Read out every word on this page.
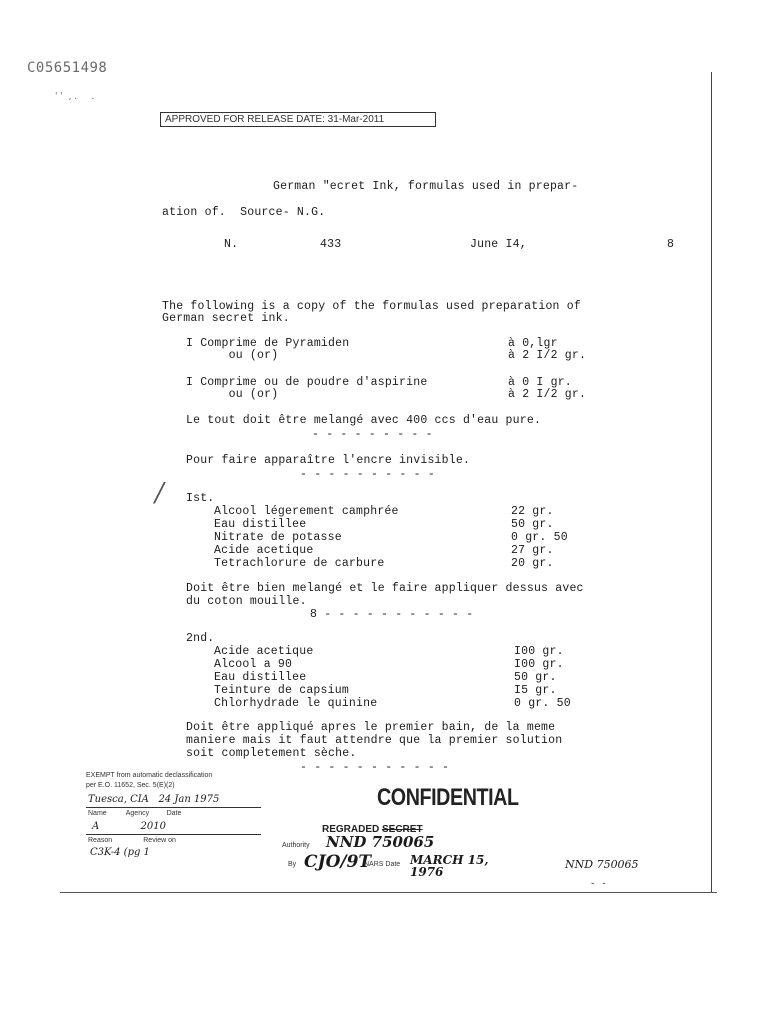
C05651498
' '  , .     .
APPROVED FOR RELEASE DATE: 31-Mar-2011
German "ecret Ink, formulas used in prepar-
ation of.  Source- N.G.
N.	433	June I4,	8
The following is a copy of the formulas used preparation of
German secret ink.
I Comprime de Pyramiden	à 0,lgr
ou (or)	à 2 I/2 gr.
I Comprime ou de poudre d'aspirine	à 0 I gr.
ou (or)	à 2 I/2 gr.
Le tout doit être melangé avec 400 ccs d'eau pure.
- - - - - - - - -
Pour faire apparaître l'encre invisible.
- - - - - - - - - -
Ist.
/
Alcool légerement camphrée	22 gr.
Eau distillee	50 gr.
Nitrate de potasse	0 gr. 50
Acide acetique	27 gr.
Tetrachlorure de carbure	20 gr.
Doit être bien melangé et le faire appliquer dessus avec
du coton mouille.
8 - - - - - - - - - - -
2nd.
Acide acetique	I00 gr.
Alcool a 90	I00 gr.
Eau distillee	50 gr.
Teinture de capsium	I5 gr.
Chlorhydrade le quinine	0 gr. 50
Doit être appliqué apres le premier bain, de la meme
maniere mais it faut attendre que la premier solution
soit completement sèche.
- - - - - - - - - - -
EXEMPT from automatic declassification
per E.O. 11652, Sec. 5(E)(2)
Tuesca, CIA   24 Jan 1975
Name          Agency         Date
A             2010
Reason                Review on
C3K-4 (pg 1
CONFIDENTIAL
REGRADED SECRET
Authority NND 750065
By CJO/9T
NARS Date MARCH 15, 1976
NND 750065
- -
